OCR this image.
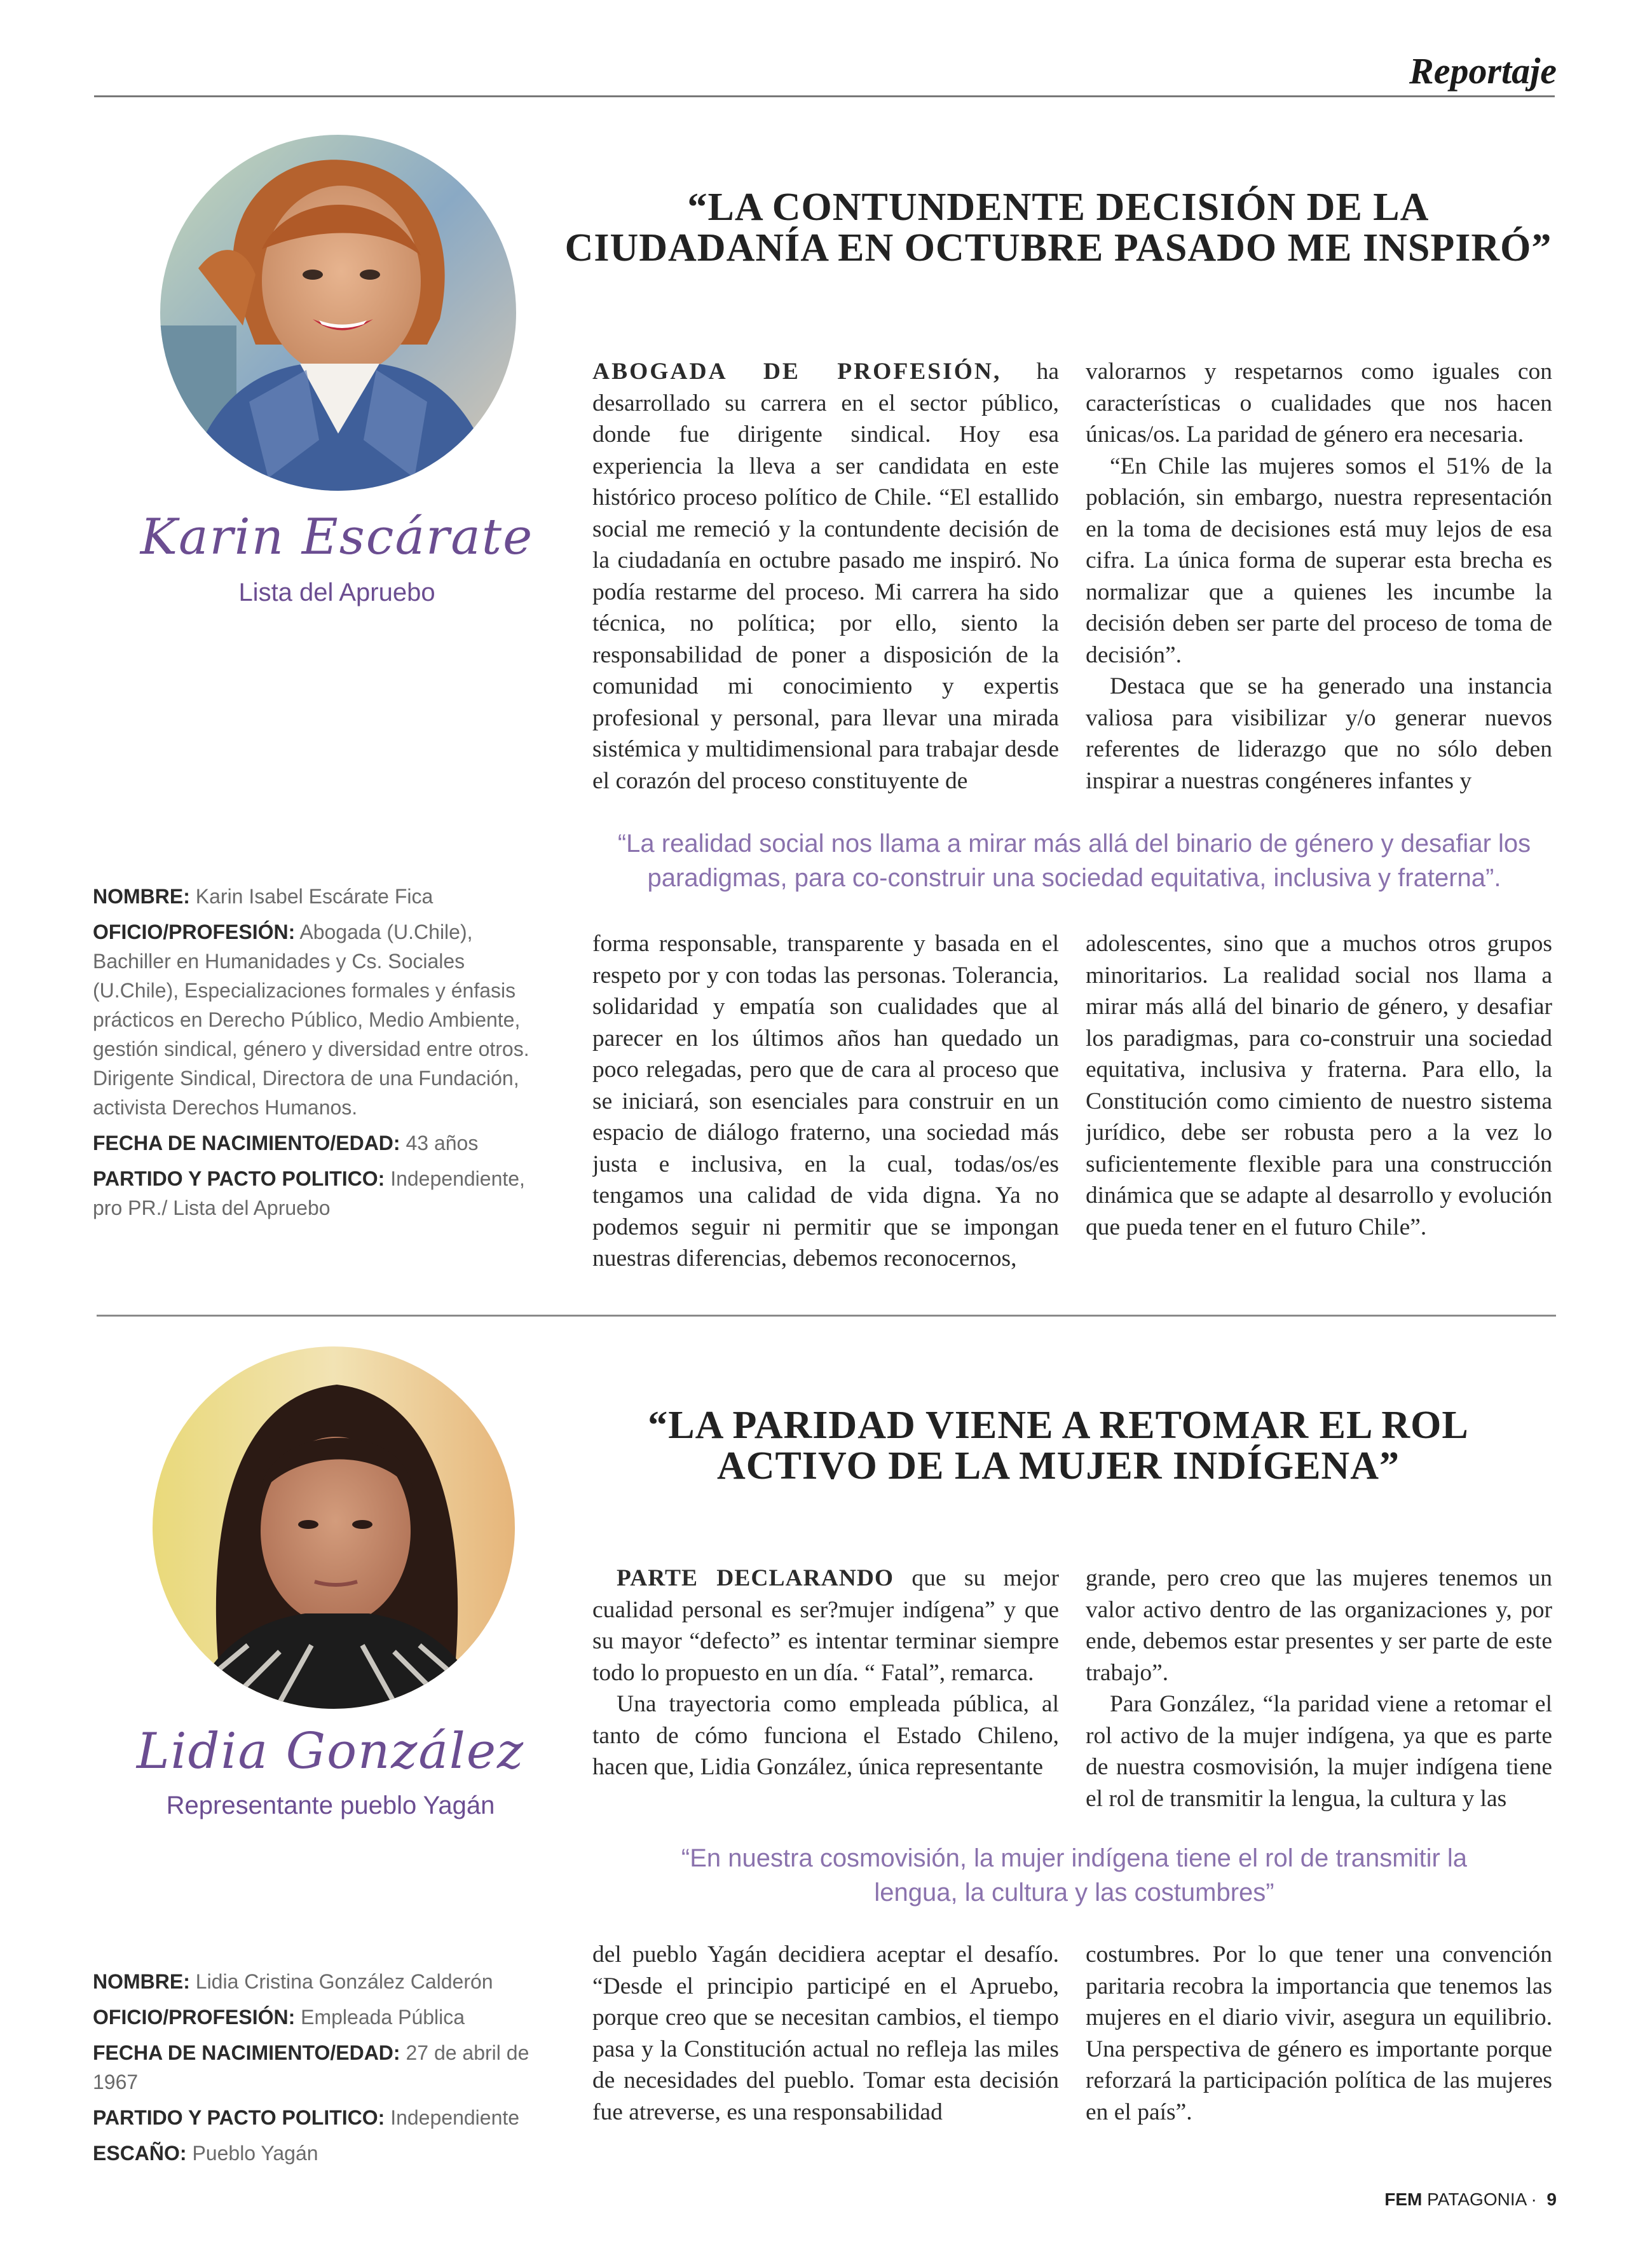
Reportaje
“LA CONTUNDENTE DECISIÓN DE LA
CIUDADANÍA EN OCTUBRE PASADO ME INSPIRÓ”
Karin Escárate
Lista del Apruebo

ABOGADA DE PROFESIÓN, ha desarrollado su carrera en el sector público, donde fue dirigente sindical. Hoy esa experiencia la lleva a ser candidata en este histórico proceso político de Chile. “El estallido social me remeció y la contundente decisión de la ciudadanía en octubre pasado me inspiró. No podía restarme del proceso. Mi carrera ha sido técnica, no política; por ello, siento la responsabilidad de poner a disposición de la comunidad mi conocimiento y expertis profesional y personal, para llevar una mirada sistémica y multidimensional para trabajar desde el corazón del proceso constituyente de

valorarnos y respetarnos como iguales con características o cualidades que nos hacen únicas/os. La paridad de género era necesaria.

“En Chile las mujeres somos el 51% de la población, sin embargo, nuestra representación en la toma de decisiones está muy lejos de esa cifra. La única forma de superar esta brecha es normalizar que a quienes les incumbe la decisión deben ser parte del proceso de toma de decisión”.

Destaca que se ha generado una instancia valiosa para visibilizar y/o generar nuevos referentes de liderazgo que no sólo deben inspirar a nuestras congéneres infantes y

“La realidad social nos llama a mirar más allá del binario de género y desafiar los
paradigmas, para co-construir una sociedad equitativa, inclusiva y fraterna”.
NOMBRE: Karin Isabel Escárate Fica
OFICIO/PROFESIÓN: Abogada (U.Chile), Bachiller en Humanidades y Cs. Sociales (U.Chile), Especializaciones formales y énfasis prácticos en Derecho Público, Medio Ambiente, gestión sindical, género y diversidad entre otros. Dirigente Sindical, Directora de una Fundación, activista Derechos Humanos.
FECHA DE NACIMIENTO/EDAD: 43 años
PARTIDO Y PACTO POLITICO: Independiente, pro PR./ Lista del Apruebo

forma responsable, transparente y basada en el respeto por y con todas las personas. Tolerancia, solidaridad y empatía son cualidades que al parecer en los últimos años han quedado un poco relegadas, pero que de cara al proceso que se iniciará, son esenciales para construir en un espacio de diálogo fraterno, una sociedad más justa e inclusiva, en la cual, todas/os/es tengamos una calidad de vida digna. Ya no podemos seguir ni permitir que se impongan nuestras diferencias, debemos reconocernos,

adolescentes, sino que a muchos otros grupos minoritarios. La realidad social nos llama a mirar más allá del binario de género, y desafiar los paradigmas, para co-construir una sociedad equitativa, inclusiva y fraterna. Para ello, la Constitución como cimiento de nuestro sistema jurídico, debe ser robusta pero a la vez lo suficientemente flexible para una construcción dinámica que se adapte al desarrollo y evolución que pueda tener en el futuro Chile”.

“LA PARIDAD VIENE A RETOMAR EL ROL
ACTIVO DE LA MUJER INDÍGENA”
Lidia González
Representante pueblo Yagán

PARTE DECLARANDO que su mejor cualidad personal es ser?mujer indígena” y que su mayor “defecto” es intentar terminar siempre todo lo propuesto en un día. “ Fatal”, remarca.

Una trayectoria como empleada pública, al tanto de cómo funciona el Estado Chileno, hacen que, Lidia González, única representante

grande, pero creo que las mujeres tenemos un valor activo dentro de las organizaciones y, por ende, debemos estar presentes y ser parte de este trabajo”.

Para González, “la paridad viene a retomar el rol activo de la mujer indígena, ya que es parte de nuestra cosmovisión, la mujer indígena tiene el rol de transmitir la lengua, la cultura y las

“En nuestra cosmovisión, la mujer indígena tiene el rol de transmitir la
lengua, la cultura y las costumbres”
NOMBRE: Lidia Cristina González Calderón
OFICIO/PROFESIÓN: Empleada Pública
FECHA DE NACIMIENTO/EDAD: 27 de abril de 1967
PARTIDO Y PACTO POLITICO: Independiente
ESCAÑO: Pueblo Yagán

del pueblo Yagán decidiera aceptar el desafío. “Desde el principio participé en el Apruebo, porque creo que se necesitan cambios, el tiempo pasa y la Constitución actual no refleja las miles de necesidades del pueblo. Tomar esta decisión fue atreverse, es una responsabilidad

costumbres. Por lo que tener una convención paritaria recobra la importancia que tenemos las mujeres en el diario vivir, asegura un equilibrio. Una perspectiva de género es importante porque reforzará la participación política de las mujeres en el país”.

FEM PATAGONIA · 9
